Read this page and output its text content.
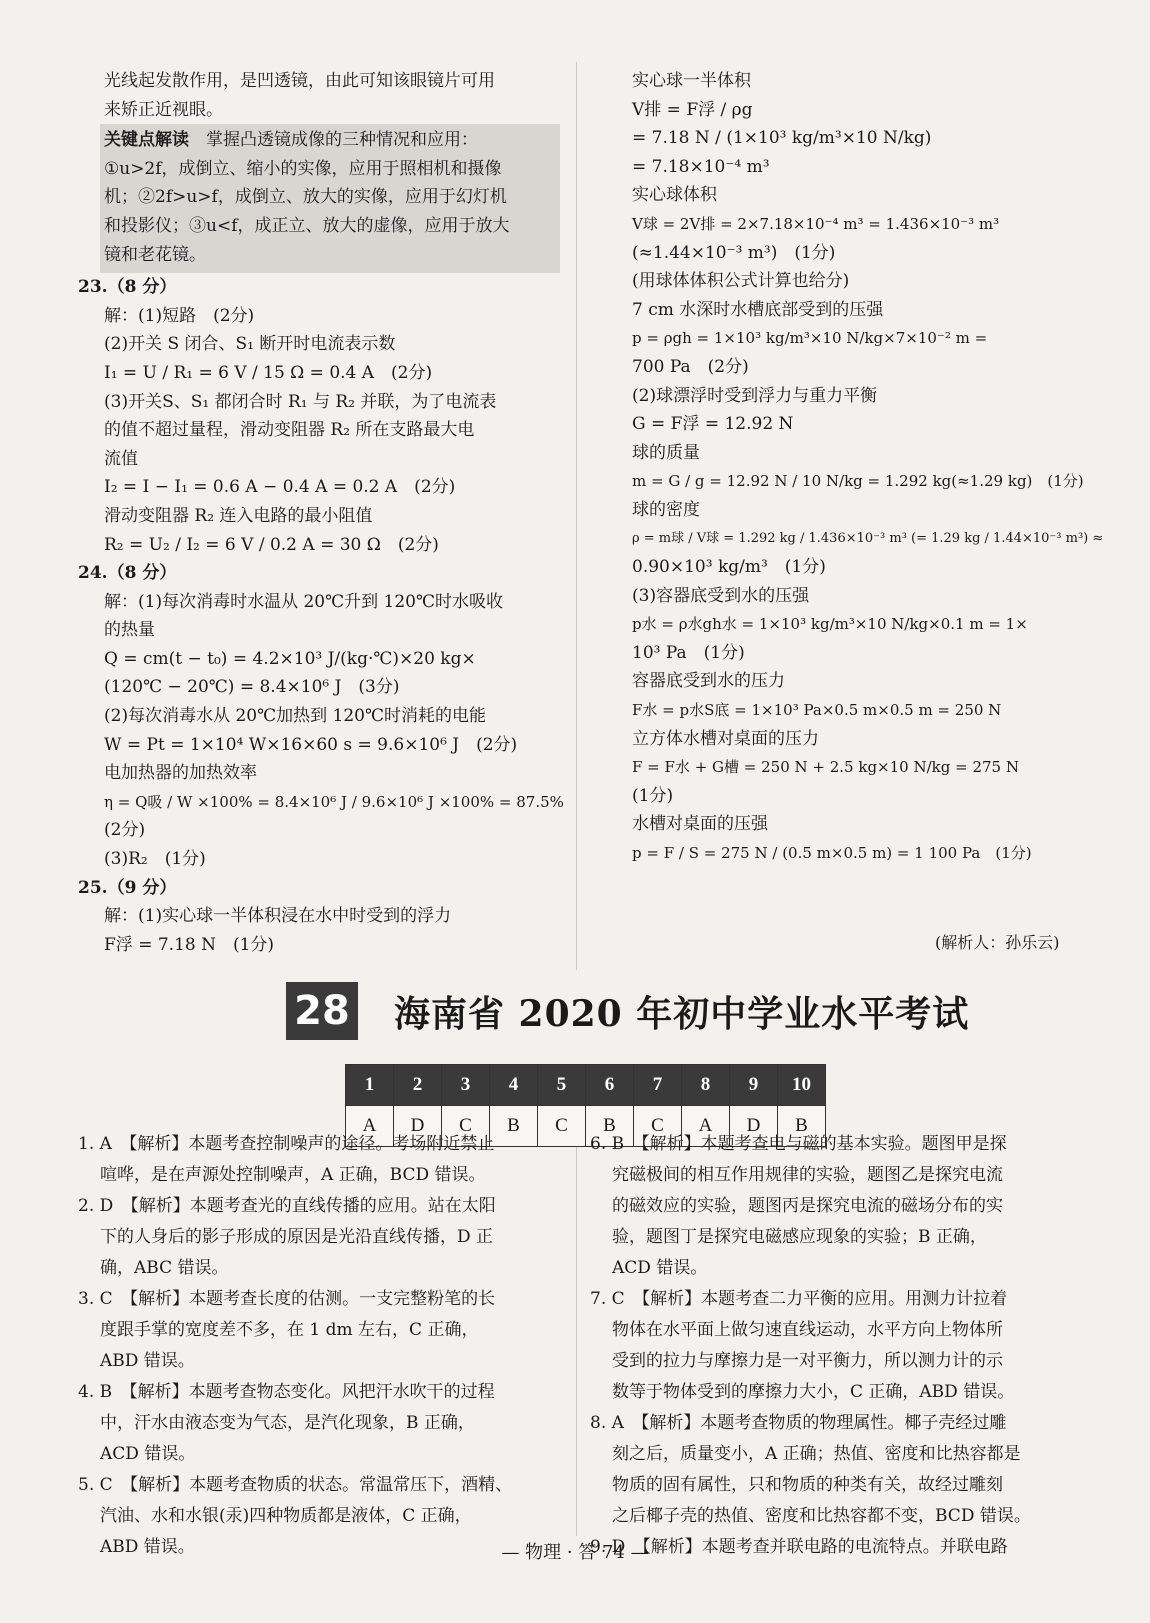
光线起发散作用，是凹透镜，由此可知该眼镜片可用
来矫正近视眼。
关键点解读　 掌握凸透镜成像的三种情况和应用：
①u>2f，成倒立、缩小的实像，应用于照相机和摄像
机；②2f>u>f，成倒立、放大的实像，应用于幻灯机
和投影仪；③u<f，成正立、放大的虚像，应用于放大
镜和老花镜。
23.（8 分）
解：(1)短路　(2分)
(2)开关 S 闭合、S₁ 断开时电流表示数
I₁ = U / R₁ = 6 V / 15 Ω = 0.4 A　(2分)
(3)开关S、S₁ 都闭合时 R₁ 与 R₂ 并联，为了电流表
的值不超过量程，滑动变阻器 R₂ 所在支路最大电
流值
I₂ = I − I₁ = 0.6 A − 0.4 A = 0.2 A　(2分)
滑动变阻器 R₂ 连入电路的最小阻值
R₂ = U₂ / I₂ = 6 V / 0.2 A = 30 Ω　(2分)
24.（8 分）
解：(1)每次消毒时水温从 20℃升到 120℃时水吸收
的热量
Q = cm(t − t₀) = 4.2×10³ J/(kg·℃)×20 kg×
(120℃ − 20℃) = 8.4×10⁶ J　(3分)
(2)每次消毒水从 20℃加热到 120℃时消耗的电能
W = Pt = 1×10⁴ W×16×60 s = 9.6×10⁶ J　(2分)
电加热器的加热效率
η = Q吸 / W ×100% = 8.4×10⁶ J / 9.6×10⁶ J ×100% = 87.5%
(2分)
(3)R₂　(1分)
25.（9 分）
解：(1)实心球一半体积浸在水中时受到的浮力
F浮 = 7.18 N　(1分)
实心球一半体积
V排 = F浮 / ρg
= 7.18 N / (1×10³ kg/m³×10 N/kg)
= 7.18×10⁻⁴ m³
实心球体积
V球 = 2V排 = 2×7.18×10⁻⁴ m³ = 1.436×10⁻³ m³
(≈1.44×10⁻³ m³)　(1分)
(用球体体积公式计算也给分)
7 cm 水深时水槽底部受到的压强
p = ρgh = 1×10³ kg/m³×10 N/kg×7×10⁻² m =
700 Pa　(2分)
(2)球漂浮时受到浮力与重力平衡
G = F浮 = 12.92 N
球的质量
m = G / g = 12.92 N / 10 N/kg = 1.292 kg(≈1.29 kg)　(1分)
球的密度
ρ = m球 / V球 = 1.292 kg / 1.436×10⁻³ m³ (= 1.29 kg / 1.44×10⁻³ m³) ≈
0.90×10³ kg/m³　(1分)
(3)容器底受到水的压强
p水 = ρ水gh水 = 1×10³ kg/m³×10 N/kg×0.1 m = 1×
10³ Pa　(1分)
容器底受到水的压力
F水 = p水S底 = 1×10³ Pa×0.5 m×0.5 m = 250 N
立方体水槽对桌面的压力
F = F水 + G槽 = 250 N + 2.5 kg×10 N/kg = 275 N
(1分)
水槽对桌面的压强
p = F / S = 275 N / (0.5 m×0.5 m) = 1 100 Pa　(1分)
(解析人：孙乐云)
28 海南省 2020 年初中学业水平考试
1	2	3	4	5	6	7	8	9	10
A	D	C	B	C	B	C	A	D	B
1. A　【解析】本题考查控制噪声的途径。考场附近禁止
喧哗，是在声源处控制噪声，A 正确，BCD 错误。
2. D　【解析】本题考查光的直线传播的应用。站在太阳
下的人身后的影子形成的原因是光沿直线传播，D 正
确，ABC 错误。
3. C　【解析】本题考查长度的估测。一支完整粉笔的长
度跟手掌的宽度差不多，在 1 dm 左右，C 正确，
ABD 错误。
4. B　【解析】本题考查物态变化。风把汗水吹干的过程
中，汗水由液态变为气态，是汽化现象，B 正确，
ACD 错误。
5. C　【解析】本题考查物质的状态。常温常压下，酒精、
汽油、水和水银(汞)四种物质都是液体，C 正确，
ABD 错误。
6. B　【解析】本题考查电与磁的基本实验。题图甲是探
究磁极间的相互作用规律的实验，题图乙是探究电流
的磁效应的实验，题图丙是探究电流的磁场分布的实
验，题图丁是探究电磁感应现象的实验；B 正确，
ACD 错误。
7. C　【解析】本题考查二力平衡的应用。用测力计拉着
物体在水平面上做匀速直线运动，水平方向上物体所
受到的拉力与摩擦力是一对平衡力，所以测力计的示
数等于物体受到的摩擦力大小，C 正确，ABD 错误。
8. A　【解析】本题考查物质的物理属性。椰子壳经过雕
刻之后，质量变小，A 正确；热值、密度和比热容都是
物质的固有属性，只和物质的种类有关，故经过雕刻
之后椰子壳的热值、密度和比热容都不变，BCD 错误。
9. D　【解析】本题考查并联电路的电流特点。并联电路
— 物理 · 答 74 —
